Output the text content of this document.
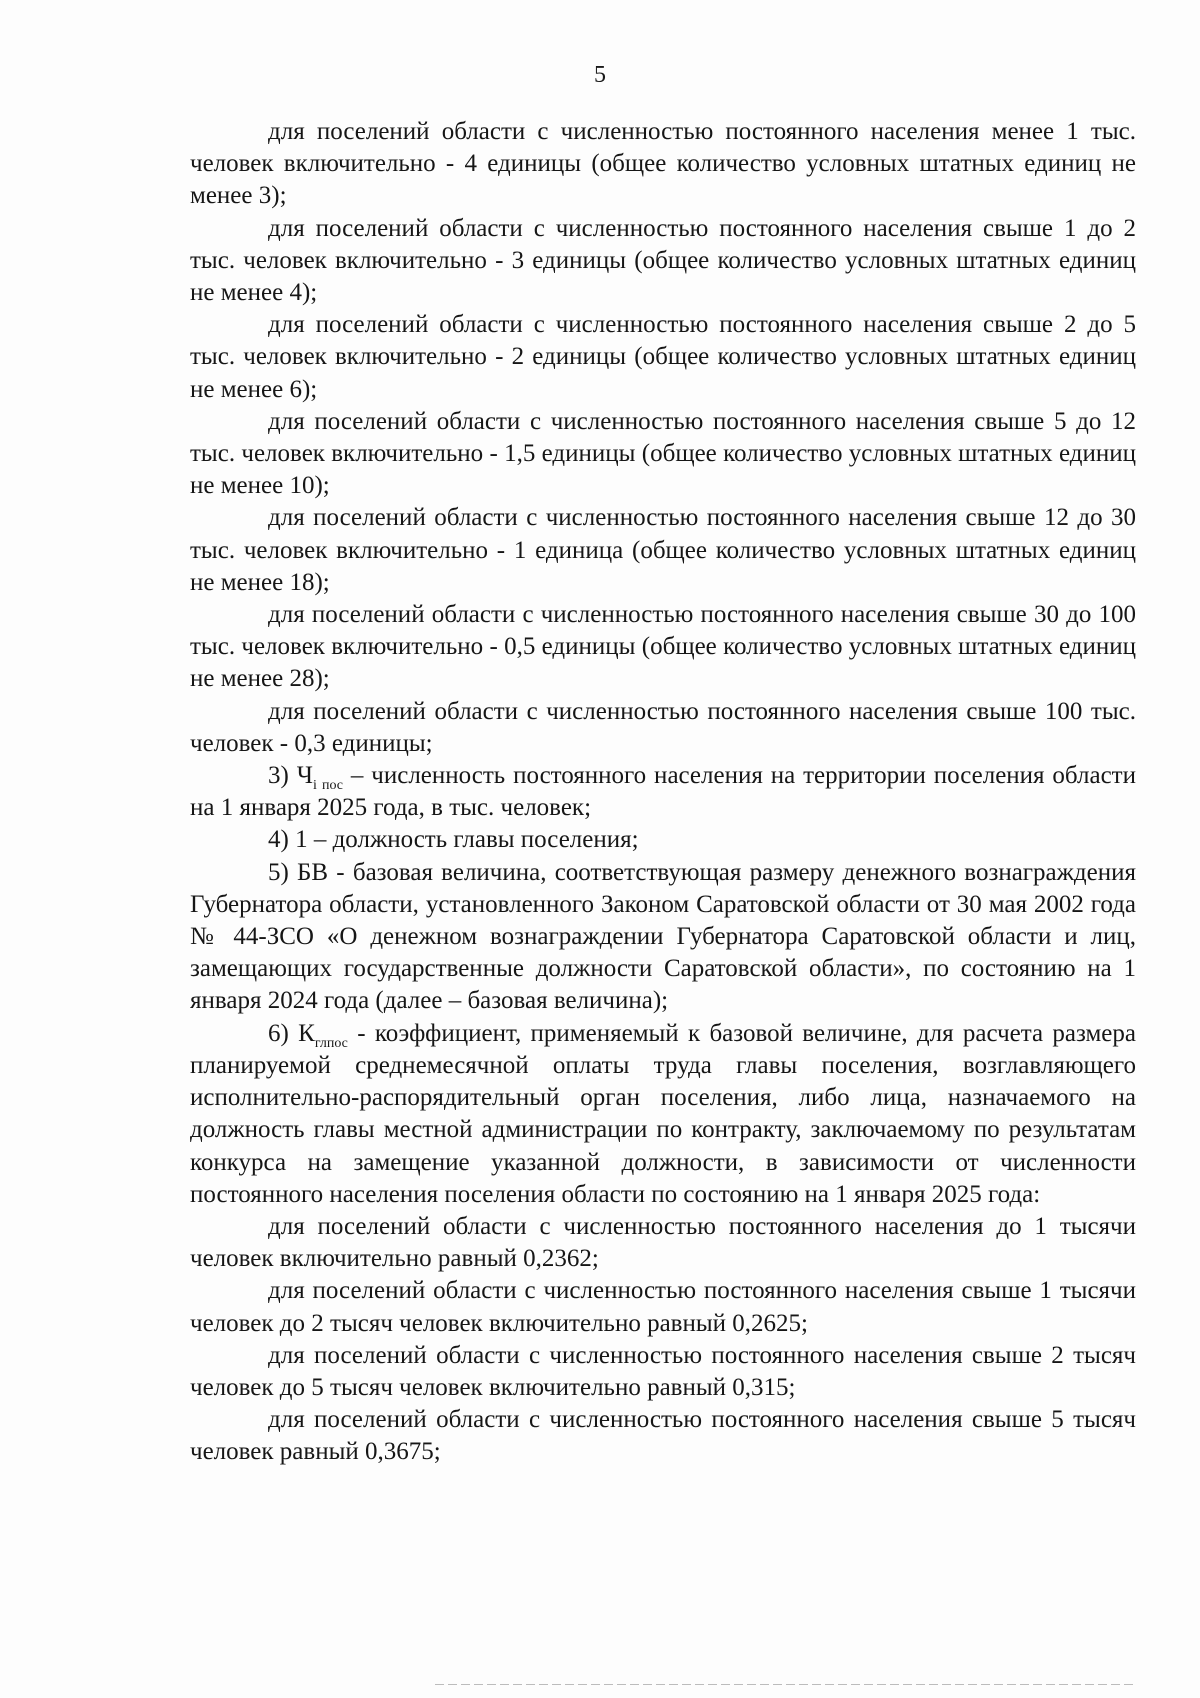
5

для поселений области с численностью постоянного населения менее 1 тыс. человек включительно - 4 единицы (общее количество условных штатных единиц не менее 3);

для поселений области с численностью постоянного населения свыше 1 до 2 тыс. человек включительно - 3 единицы (общее количество условных штатных единиц не менее 4);

для поселений области с численностью постоянного населения свыше 2 до 5 тыс. человек включительно - 2 единицы (общее количество условных штатных единиц не менее 6);

для поселений области с численностью постоянного населения свыше 5 до 12 тыс. человек включительно - 1,5 единицы (общее количество условных штатных единиц не менее 10);

для поселений области с численностью постоянного населения свыше 12 до 30 тыс. человек включительно - 1 единица (общее количество условных штатных единиц не менее 18);

для поселений области с численностью постоянного населения свыше 30 до 100 тыс. человек включительно - 0,5 единицы (общее количество условных штатных единиц не менее 28);

для поселений области с численностью постоянного населения свыше 100 тыс. человек - 0,3 единицы;

3) $Ч_{i пос}$ – численность постоянного населения на территории поселения области на 1 января 2025 года, в тыс. человек;

4) 1 – должность главы поселения;

5) БВ - базовая величина, соответствующая размеру денежного вознаграждения Губернатора области, установленного Законом Саратовской области от 30 мая 2002 года № 44-ЗСО «О денежном вознаграждении Губернатора Саратовской области и лиц, замещающих государственные должности Саратовской области», по состоянию на 1 января 2024 года (далее – базовая величина);

6) $К_{глпос}$ - коэффициент, применяемый к базовой величине, для расчета размера планируемой среднемесячной оплаты труда главы поселения, возглавляющего исполнительно-распорядительный орган поселения, либо лица, назначаемого на должность главы местной администрации по контракту, заключаемому по результатам конкурса на замещение указанной должности, в зависимости от численности постоянного населения поселения области по состоянию на 1 января 2025 года:

для поселений области с численностью постоянного населения до 1 тысячи человек включительно равный 0,2362;

для поселений области с численностью постоянного населения свыше 1 тысячи человек до 2 тысяч человек включительно равный 0,2625;

для поселений области с численностью постоянного населения свыше 2 тысяч человек до 5 тысяч человек включительно равный 0,315;

для поселений области с численностью постоянного населения свыше 5 тысяч человек равный 0,3675;
